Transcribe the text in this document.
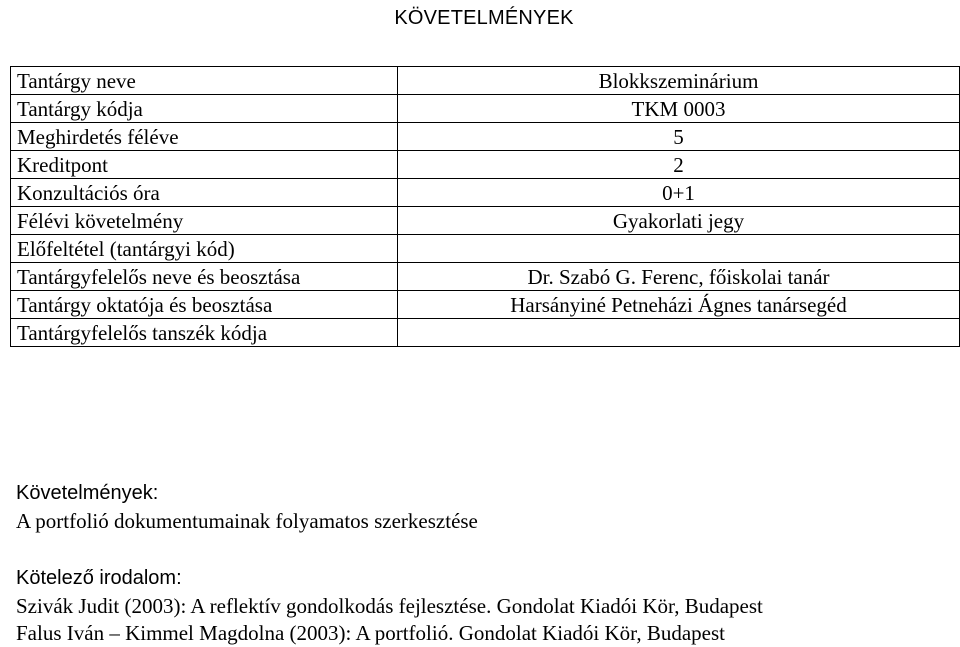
KÖVETELMÉNYEK
Tantárgy neve	Blokkszeminárium
Tantárgy kódja	TKM 0003
Meghirdetés féléve	5
Kreditpont	2
Konzultációs óra	0+1
Félévi követelmény	Gyakorlati jegy
Előfeltétel (tantárgyi kód)	
Tantárgyfelelős neve és beosztása	Dr. Szabó G. Ferenc, főiskolai tanár
Tantárgy oktatója és beosztása	Harsányiné Petneházi Ágnes tanársegéd
Tantárgyfelelős tanszék kódja	
Követelmények:
A portfolió dokumentumainak folyamatos szerkesztése
Kötelező irodalom:
Szivák Judit (2003): A reflektív gondolkodás fejlesztése. Gondolat Kiadói Kör, Budapest
Falus Iván – Kimmel Magdolna (2003): A portfolió. Gondolat Kiadói Kör, Budapest
